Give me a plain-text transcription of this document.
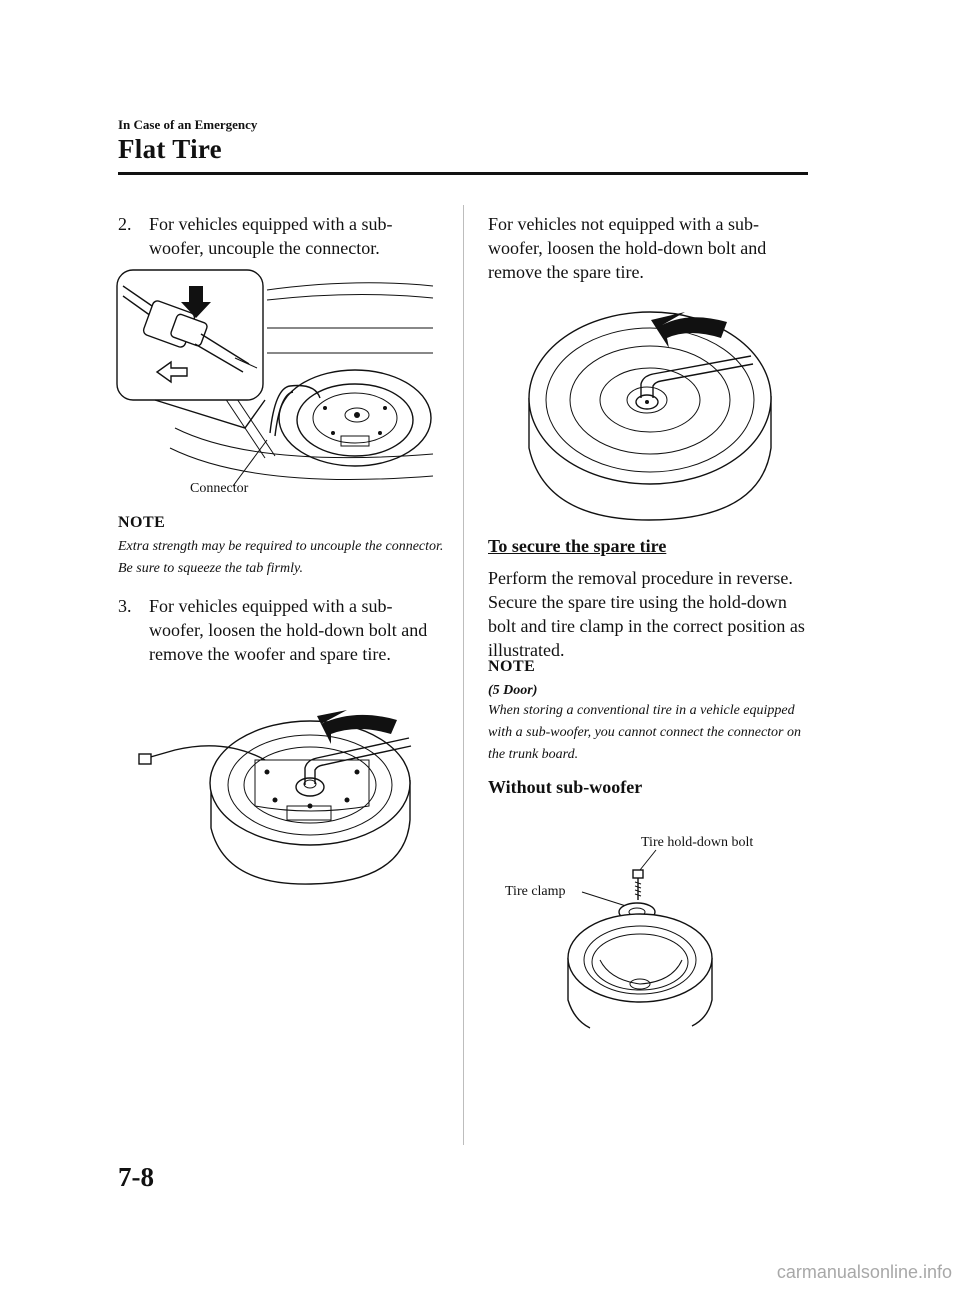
In Case of an Emergency
Flat Tire
2. For vehicles equipped with a sub-woofer, uncouple the connector.
Connector
NOTE
Extra strength may be required to uncouple the connector. Be sure to squeeze the tab firmly.
3. For vehicles equipped with a sub-woofer, loosen the hold-down bolt and remove the woofer and spare tire.
For vehicles not equipped with a sub-woofer, loosen the hold-down bolt and remove the spare tire.
To secure the spare tire
Perform the removal procedure in reverse. Secure the spare tire using the hold-down bolt and tire clamp in the correct position as illustrated.
NOTE
(5 Door)
When storing a conventional tire in a vehicle equipped with a sub-woofer, you cannot connect the connector on the trunk board.
Without sub-woofer
Tire hold-down bolt
Tire clamp
7-8
carmanualsonline.info
